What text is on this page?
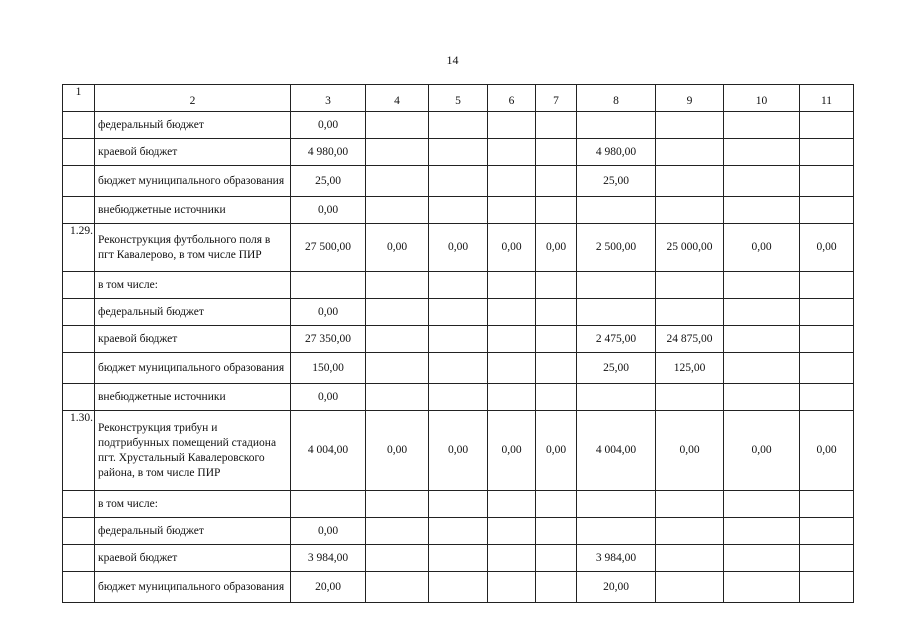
14
1	2	3	4	5	6	7	8	9	10	11
	федеральный бюджет	0,00								
	краевой бюджет	4 980,00					4 980,00			
	бюджет муниципального образования	25,00					25,00			
	внебюджетные источники	0,00								
1.29.	Реконструкция футбольного поля в пгт Кавалерово, в том числе ПИР	27 500,00	0,00	0,00	0,00	0,00	2 500,00	25 000,00	0,00	0,00
	в том числе:									
	федеральный бюджет	0,00								
	краевой бюджет	27 350,00					2 475,00	24 875,00		
	бюджет муниципального образования	150,00					25,00	125,00		
	внебюджетные источники	0,00								
1.30.	Реконструкция трибун и подтрибунных помещений стадиона пгт. Хрустальный Кавалеровского района, в том числе ПИР	4 004,00	0,00	0,00	0,00	0,00	4 004,00	0,00	0,00	0,00
	в том числе:									
	федеральный бюджет	0,00								
	краевой бюджет	3 984,00					3 984,00			
	бюджет муниципального образования	20,00					20,00			
